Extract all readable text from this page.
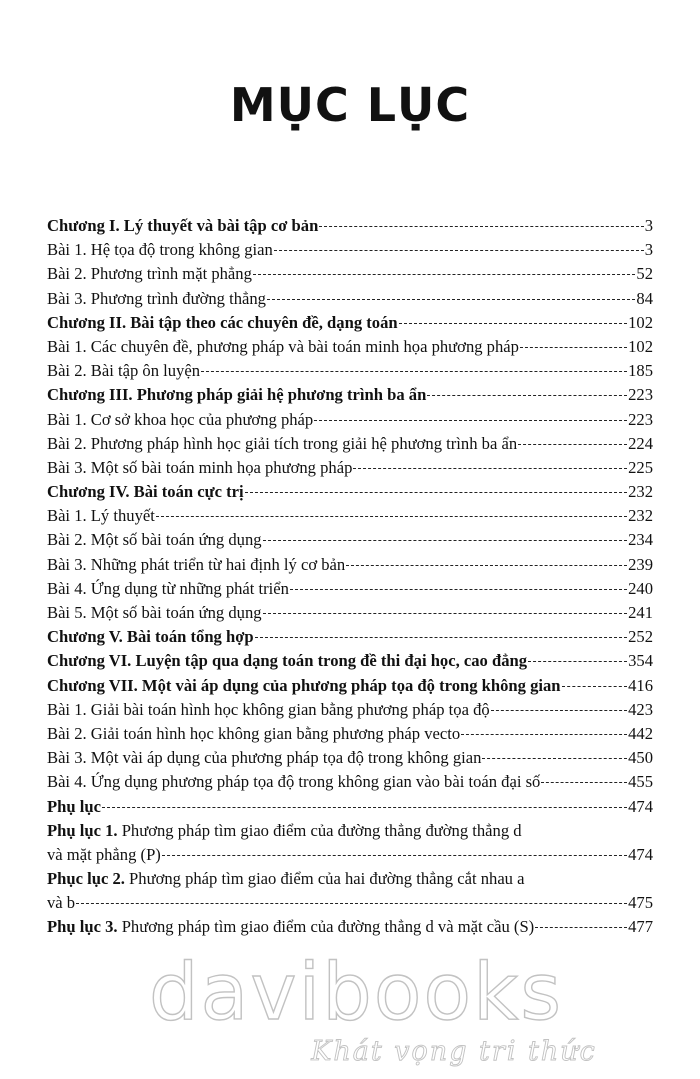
MỤC LỤC
Chương I. Lý thuyết và bài tập cơ bản	3
Bài 1. Hệ tọa độ trong không gian	3
Bài 2. Phương trình mặt phẳng	52
Bài 3. Phương trình đường thẳng	84
Chương II. Bài tập theo các chuyên đề, dạng toán	102
Bài 1. Các chuyên đề, phương pháp và bài toán minh họa phương pháp	102
Bài 2. Bài tập ôn luyện	185
Chương III. Phương pháp giải hệ phương trình ba ẩn	223
Bài 1. Cơ sở khoa học của phương pháp	223
Bài 2. Phương pháp hình học giải tích trong giải hệ phương trình ba ẩn	224
Bài 3. Một số bài toán minh họa phương pháp	225
Chương IV. Bài toán cực trị	232
Bài 1. Lý thuyết	232
Bài 2. Một số bài toán ứng dụng	234
Bài 3. Những phát triển từ hai định lý cơ bản	239
Bài 4. Ứng dụng từ những phát triển	240
Bài 5. Một số bài toán ứng dụng	241
Chương V. Bài toán tổng hợp	252
Chương VI. Luyện tập qua dạng toán trong đề thi đại học, cao đẳng	354
Chương VII. Một vài áp dụng của phương pháp tọa độ trong không gian	416
Bài 1. Giải bài toán hình học không gian bằng phương pháp tọa độ	423
Bài 2. Giải toán hình học không gian bằng phương pháp vecto	442
Bài 3. Một vài áp dụng của phương pháp tọa độ trong không gian	450
Bài 4. Ứng dụng phương pháp tọa độ trong không gian vào bài toán đại số	455
Phụ lục	474
Phụ lục 1. Phương pháp tìm giao điểm của đường thẳng đường thẳng d
và mặt phẳng (P)	474
Phục lục 2. Phương pháp tìm giao điểm của hai đường thẳng cắt nhau a
và b	475
Phụ lục 3. Phương pháp tìm giao điểm của đường thẳng d và mặt cầu (S)	477
davibooks
Khát vọng tri thức
